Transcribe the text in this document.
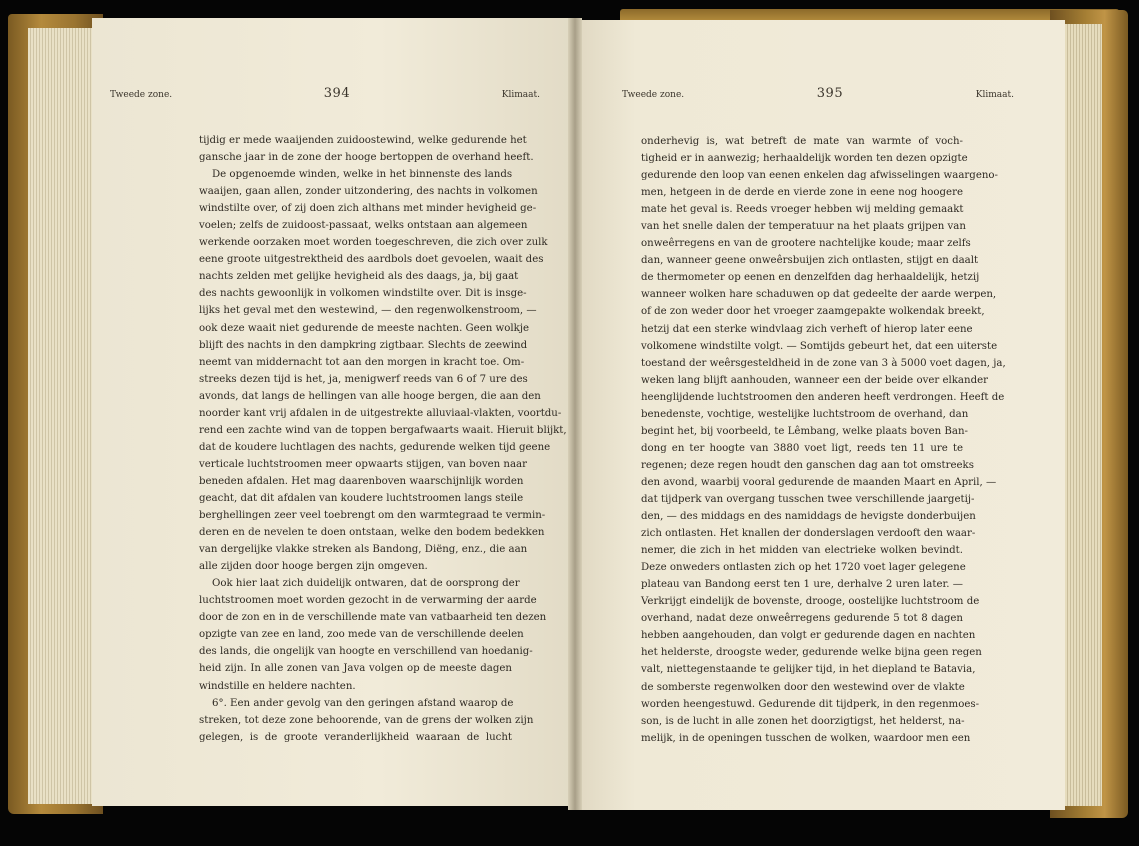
Tweede zone.	394	Klimaat.	Tweede zone.	395	Klimaat.
tijdig er mede waaijenden zuidoostewind, welke gedurende het
gansche jaar in de zone der hooge bertoppen de overhand heeft.
De opgenoemde winden, welke in het binnenste des lands
waaijen, gaan allen, zonder uitzondering, des nachts in volkomen
windstilte over, of zij doen zich althans met minder hevigheid ge-
voelen; zelfs de zuidoost-passaat, welks ontstaan aan algemeen
werkende oorzaken moet worden toegeschreven, die zich over zulk
eene groote uitgestrektheid des aardbols doet gevoelen, waait des
nachts zelden met gelijke hevigheid als des daags, ja, bij gaat
des nachts gewoonlijk in volkomen windstilte over. Dit is insge-
lijks het geval met den westewind, — den regenwolkenstroom, —
ook deze waait niet gedurende de meeste nachten. Geen wolkje
blijft des nachts in den dampkring zigtbaar. Slechts de zeewind
neemt van middernacht tot aan den morgen in kracht toe. Om-
streeks dezen tijd is het, ja, menigwerf reeds van 6 of 7 ure des
avonds, dat langs de hellingen van alle hooge bergen, die aan den
noorder kant vrij afdalen in de uitgestrekte alluviaal-vlakten, voortdu-
rend een zachte wind van de toppen bergafwaarts waait. Hieruit blijkt,
dat de koudere luchtlagen des nachts, gedurende welken tijd geene
verticale luchtstroomen meer opwaarts stijgen, van boven naar
beneden afdalen. Het mag daarenboven waarschijnlijk worden
geacht, dat dit afdalen van koudere luchtstroomen langs steile
berghellingen zeer veel toebrengt om den warmtegraad te vermin-
deren en de nevelen te doen ontstaan, welke den bodem bedekken
van dergelijke vlakke streken als Bandong, Diëng, enz., die aan
alle zijden door hooge bergen zijn omgeven.
Ook hier laat zich duidelijk ontwaren, dat de oorsprong der
luchtstroomen moet worden gezocht in de verwarming der aarde
door de zon en in de verschillende mate van vatbaarheid ten dezen
opzigte van zee en land, zoo mede van de verschillende deelen
des lands, die ongelijk van hoogte en verschillend van hoedanig-
heid zijn. In alle zonen van Java volgen op de meeste dagen
windstille en heldere nachten.
6°. Een ander gevolg van den geringen afstand waarop de
streken, tot deze zone behoorende, van de grens der wolken zijn
gelegen, is de groote veranderlijkheid waaraan de lucht
onderhevig is, wat betreft de mate van warmte of voch-
tigheid er in aanwezig; herhaaldelijk worden ten dezen opzigte
gedurende den loop van eenen enkelen dag afwisselingen waargeno-
men, hetgeen in de derde en vierde zone in eene nog hoogere
mate het geval is. Reeds vroeger hebben wij melding gemaakt
van het snelle dalen der temperatuur na het plaats grijpen van
onweêrregens en van de grootere nachtelijke koude; maar zelfs
dan, wanneer geene onweêrsbuijen zich ontlasten, stijgt en daalt
de thermometer op eenen en denzelfden dag herhaaldelijk, hetzij
wanneer wolken hare schaduwen op dat gedeelte der aarde werpen,
of de zon weder door het vroeger zaamgepakte wolkendak breekt,
hetzij dat een sterke windvlaag zich verheft of hierop later eene
volkomene windstilte volgt. — Somtijds gebeurt het, dat een uiterste
toestand der weêrsgesteldheid in de zone van 3 à 5000 voet dagen, ja,
weken lang blijft aanhouden, wanneer een der beide over elkander
heenglijdende luchtstroomen den anderen heeft verdrongen. Heeft de
benedenste, vochtige, westelijke luchtstroom de overhand, dan
begint het, bij voorbeeld, te Lêmbang, welke plaats boven Ban-
dong en ter hoogte van 3880 voet ligt, reeds ten 11 ure te
regenen; deze regen houdt den ganschen dag aan tot omstreeks
den avond, waarbij vooral gedurende de maanden Maart en April, —
dat tijdperk van overgang tusschen twee verschillende jaargetij-
den, — des middags en des namiddags de hevigste donderbuijen
zich ontlasten. Het knallen der donderslagen verdooft den waar-
nemer, die zich in het midden van electrieke wolken bevindt.
Deze onweders ontlasten zich op het 1720 voet lager gelegene
plateau van Bandong eerst ten 1 ure, derhalve 2 uren later. —
Verkrijgt eindelijk de bovenste, drooge, oostelijke luchtstroom de
overhand, nadat deze onweêrregens gedurende 5 tot 8 dagen
hebben aangehouden, dan volgt er gedurende dagen en nachten
het helderste, droogste weder, gedurende welke bijna geen regen
valt, niettegenstaande te gelijker tijd, in het diepland te Batavia,
de somberste regenwolken door den westewind over de vlakte
worden heengestuwd. Gedurende dit tijdperk, in den regenmoes-
son, is de lucht in alle zonen het doorzigtigst, het helderst, na-
melijk, in de openingen tusschen de wolken, waardoor men een
